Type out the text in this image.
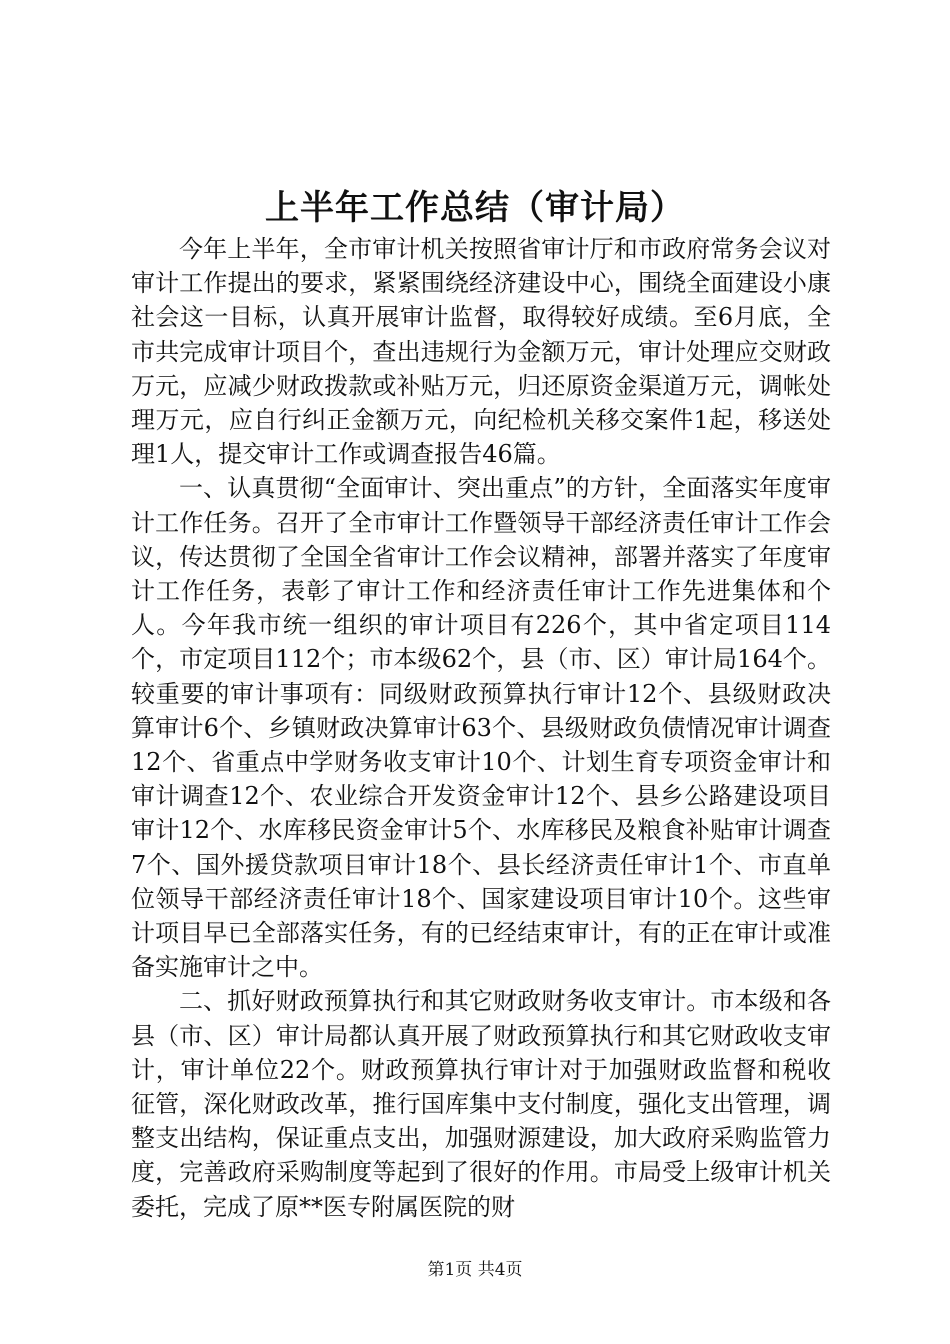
上半年工作总结（审计局）

今年上半年，全市审计机关按照省审计厅和市政府常务会议对审计工作提出的要求，紧紧围绕经济建设中心，围绕全面建设小康社会这一目标，认真开展审计监督，取得较好成绩。至6月底，全市共完成审计项目个，查出违规行为金额万元，审计处理应交财政万元，应减少财政拨款或补贴万元，归还原资金渠道万元，调帐处理万元，应自行纠正金额万元，向纪检机关移交案件1起，移送处理1人，提交审计工作或调查报告46篇。

一、认真贯彻“全面审计、突出重点”的方针，全面落实年度审计工作任务。召开了全市审计工作暨领导干部经济责任审计工作会议，传达贯彻了全国全省审计工作会议精神，部署并落实了年度审计工作任务，表彰了审计工作和经济责任审计工作先进集体和个人。今年我市统一组织的审计项目有226个，其中省定项目114个，市定项目112个；市本级62个，县（市、区）审计局164个。较重要的审计事项有：同级财政预算执行审计12个、县级财政决算审计6个、乡镇财政决算审计63个、县级财政负债情况审计调查12个、省重点中学财务收支审计10个、计划生育专项资金审计和审计调查12个、农业综合开发资金审计12个、县乡公路建设项目审计12个、水库移民资金审计5个、水库移民及粮食补贴审计调查7个、国外援贷款项目审计18个、县长经济责任审计1个、市直单位领导干部经济责任审计18个、国家建设项目审计10个。这些审计项目早已全部落实任务，有的已经结束审计，有的正在审计或准备实施审计之中。

二、抓好财政预算执行和其它财政财务收支审计。市本级和各县（市、区）审计局都认真开展了财政预算执行和其它财政收支审计，审计单位22个。财政预算执行审计对于加强财政监督和税收征管，深化财政改革，推行国库集中支付制度，强化支出管理，调整支出结构，保证重点支出，加强财源建设，加大政府采购监管力度，完善政府采购制度等起到了很好的作用。市局受上级审计机关委托，完成了原**医专附属医院的财

第1页 共4页
